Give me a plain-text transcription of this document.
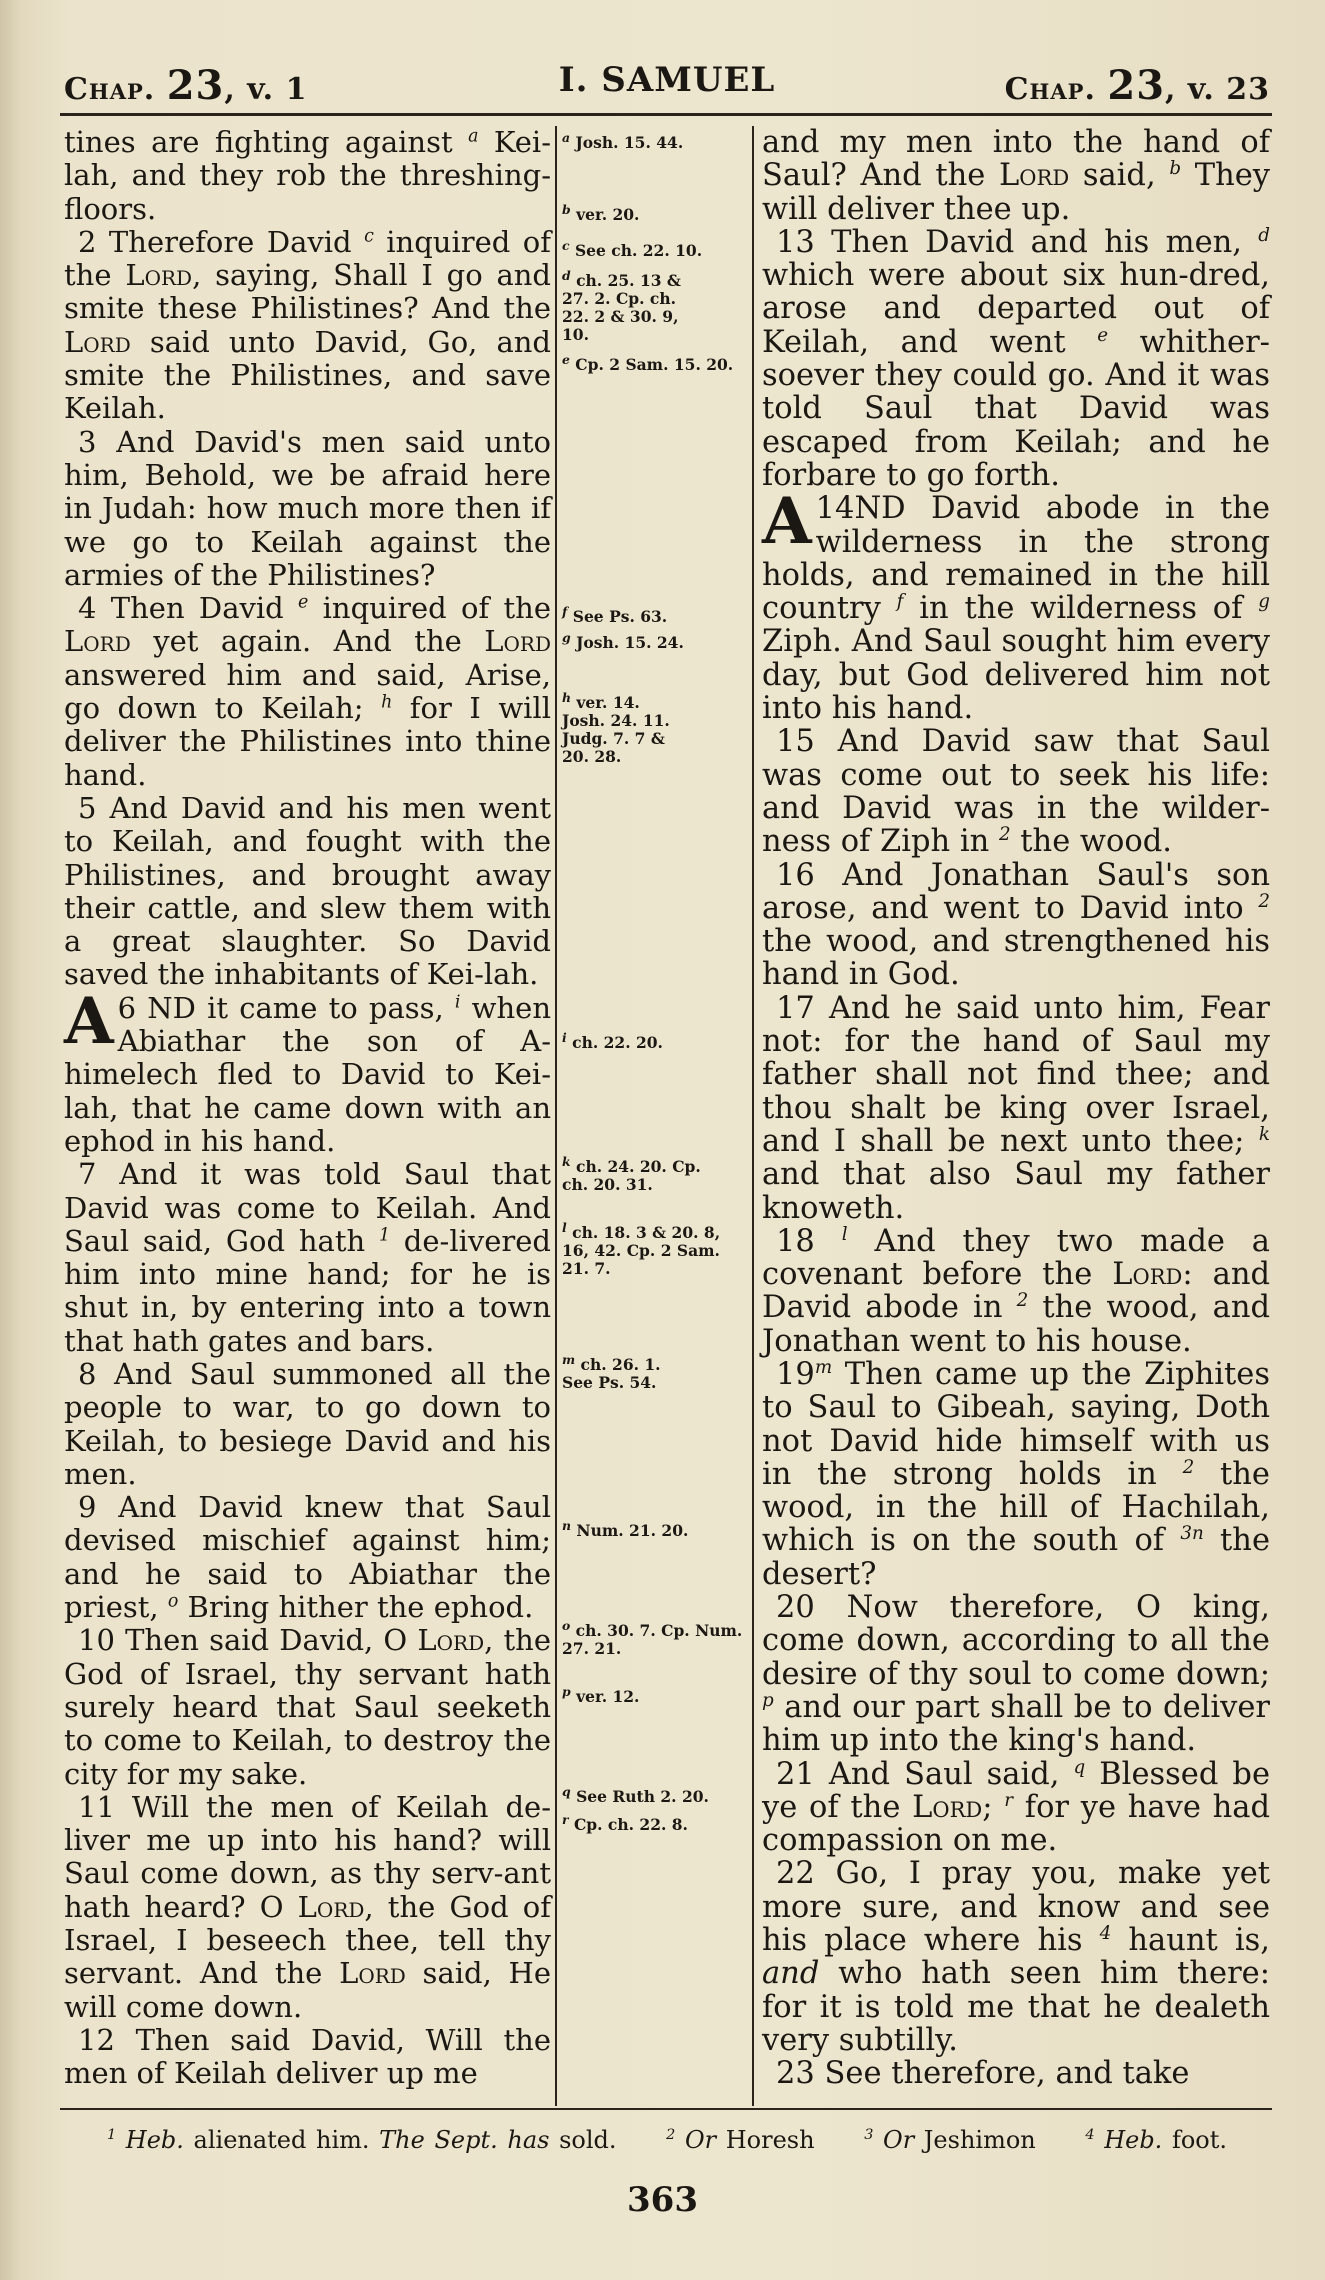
Chap. 23, v. 1	I. SAMUEL	Chap. 23, v. 23

tines are fighting against $^a$ Kei-lah, and they rob the threshing-floors.

2 Therefore David $^c$ inquired of the Lord, saying, Shall I go and smite these Philistines? And the Lord said unto David, Go, and smite the Philistines, and save Keilah.

3 And David's men said unto him, Behold, we be afraid here in Judah: how much more then if we go to Keilah against the armies of the Philistines?

4 Then David $^e$ inquired of the Lord yet again. And the Lord answered him and said, Arise, go down to Keilah; $^h$ for I will deliver the Philistines into thine hand.

5 And David and his men went to Keilah, and fought with the Philistines, and brought away their cattle, and slew them with a great slaughter. So David saved the inhabitants of Kei-lah.

6
A ND it came to pass, $^i$ when Abiathar the son of A-himelech fled to David to Kei-lah, that he came down with an ephod in his hand.

7 And it was told Saul that David was come to Keilah. And Saul said, God hath $^1$ de-livered him into mine hand; for he is shut in, by entering into a town that hath gates and bars.

8 And Saul summoned all the people to war, to go down to Keilah, to besiege David and his men.

9 And David knew that Saul devised mischief against him; and he said to Abiathar the priest, $^o$ Bring hither the ephod.

10 Then said David, O Lord, the God of Israel, thy servant hath surely heard that Saul seeketh to come to Keilah, to destroy the city for my sake.

11 Will the men of Keilah de-liver me up into his hand? will Saul come down, as thy serv-ant hath heard? O Lord, the God of Israel, I beseech thee, tell thy servant. And the Lord said, He will come down.

12 Then said David, Will the men of Keilah deliver up me

$^a$ Josh. 15. 44.
$^b$ ver. 20.
$^c$ See ch. 22. 10.
$^d$ ch. 25. 13 & 27. 2. Cp. ch. 22. 2 & 30. 9, 10.
$^e$ Cp. 2 Sam. 15. 20.
$^f$ See Ps. 63.
$^g$ Josh. 15. 24.
$^h$ ver. 14. Josh. 24. 11. Judg. 7. 7 & 20. 28.
$^i$ ch. 22. 20.
$^k$ ch. 24. 20. Cp. ch. 20. 31.
$^l$ ch. 18. 3 & 20. 8, 16, 42. Cp. 2 Sam. 21. 7.
$^m$ ch. 26. 1. See Ps. 54.
$^n$ Num. 21. 20.
$^o$ ch. 30. 7. Cp. Num. 27. 21.
$^p$ ver. 12.
$^q$ See Ruth 2. 20.
$^r$ Cp. ch. 22. 8.

and my men into the hand of Saul? And the Lord said, $^b$ They will deliver thee up.

13 Then David and his men, $^d$ which were about six hun-dred, arose and departed out of Keilah, and went $^e$ whither-soever they could go. And it was told Saul that David was escaped from Keilah; and he forbare to go forth.

14
A ND David abode in the wilderness in the strong holds, and remained in the hill country $^f$ in the wilderness of $^g$ Ziph. And Saul sought him every day, but God delivered him not into his hand.

15 And David saw that Saul was come out to seek his life: and David was in the wilder-ness of Ziph in $^2$ the wood.

16 And Jonathan Saul's son arose, and went to David into $^2$ the wood, and strengthened his hand in God.

17 And he said unto him, Fear not: for the hand of Saul my father shall not find thee; and thou shalt be king over Israel, and I shall be next unto thee; $^k$ and that also Saul my father knoweth.

18 $^l$ And they two made a covenant before the Lord: and David abode in $^2$ the wood, and Jonathan went to his house.

19$^m$ Then came up the Ziphites to Saul to Gibeah, saying, Doth not David hide himself with us in the strong holds in $^2$ the wood, in the hill of Hachilah, which is on the south of $^{3n}$ the desert?

20 Now therefore, O king, come down, according to all the desire of thy soul to come down; $^p$ and our part shall be to deliver him up into the king's hand.

21 And Saul said, $^q$ Blessed be ye of the Lord; $^r$ for ye have had compassion on me.

22 Go, I pray you, make yet more sure, and know and see his place where his $^4$ haunt is, and who hath seen him there: for it is told me that he dealeth very subtilly.

23 See therefore, and take

$^1$ Heb. alienated him. The Sept. has sold.	$^2$ Or Horesh	$^3$ Or Jeshimon	$^4$ Heb. foot.
363
